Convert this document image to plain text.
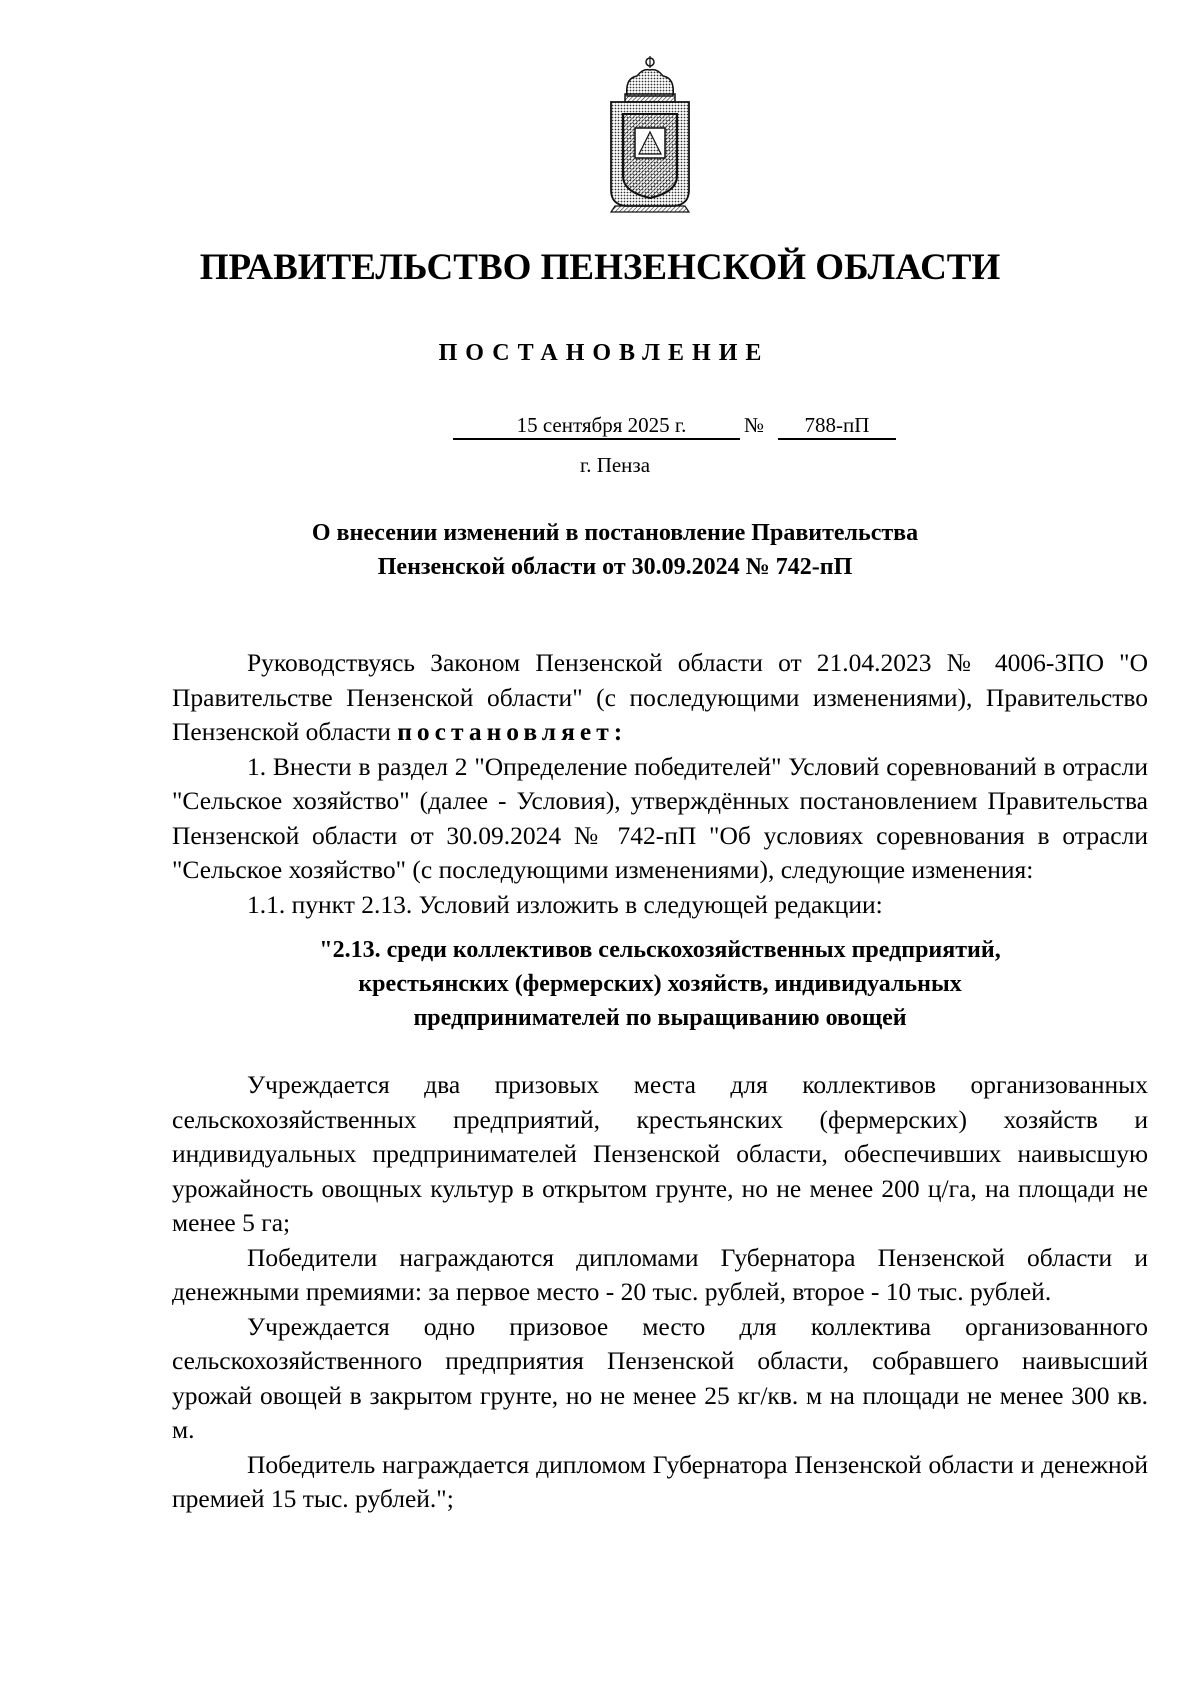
ПРАВИТЕЛЬСТВО ПЕНЗЕНСКОЙ ОБЛАСТИ
ПОСТАНОВЛЕНИЕ
15 сентября 2025 г.	№	788-пП
г. Пенза
О внесении изменений в постановление Правительства
Пензенской области от 30.09.2024 № 742-пП

Руководствуясь Законом Пензенской области от 21.04.2023 № 4006-ЗПО "О Правительстве Пензенской области" (с последующими изменениями), Правительство Пензенской области постановляет:

1. Внести в раздел 2 "Определение победителей" Условий соревнований в отрасли "Сельское хозяйство" (далее - Условия), утверждённых постановлением Правительства Пензенской области от 30.09.2024 № 742-пП "Об условиях соревнования в отрасли "Сельское хозяйство" (с последующими изменениями), следующие изменения:

1.1. пункт 2.13. Условий изложить в следующей редакции:

"2.13. среди коллективов сельскохозяйственных предприятий,
крестьянских (фермерских) хозяйств, индивидуальных
предпринимателей по выращиванию овощей

Учреждается два призовых места для коллективов организованных сельскохозяйственных предприятий, крестьянских (фермерских) хозяйств и индивидуальных предпринимателей Пензенской области, обеспечивших наивысшую урожайность овощных культур в открытом грунте, но не менее 200 ц/га, на площади не менее 5 га;

Победители награждаются дипломами Губернатора Пензенской области и денежными премиями: за первое место - 20 тыс. рублей, второе - 10 тыс. рублей.

Учреждается одно призовое место для коллектива организованного сельскохозяйственного предприятия Пензенской области, собравшего наивысший урожай овощей в закрытом грунте, но не менее 25 кг/кв. м на площади не менее 300 кв. м.

Победитель награждается дипломом Губернатора Пензенской области и денежной премией 15 тыс. рублей.";
